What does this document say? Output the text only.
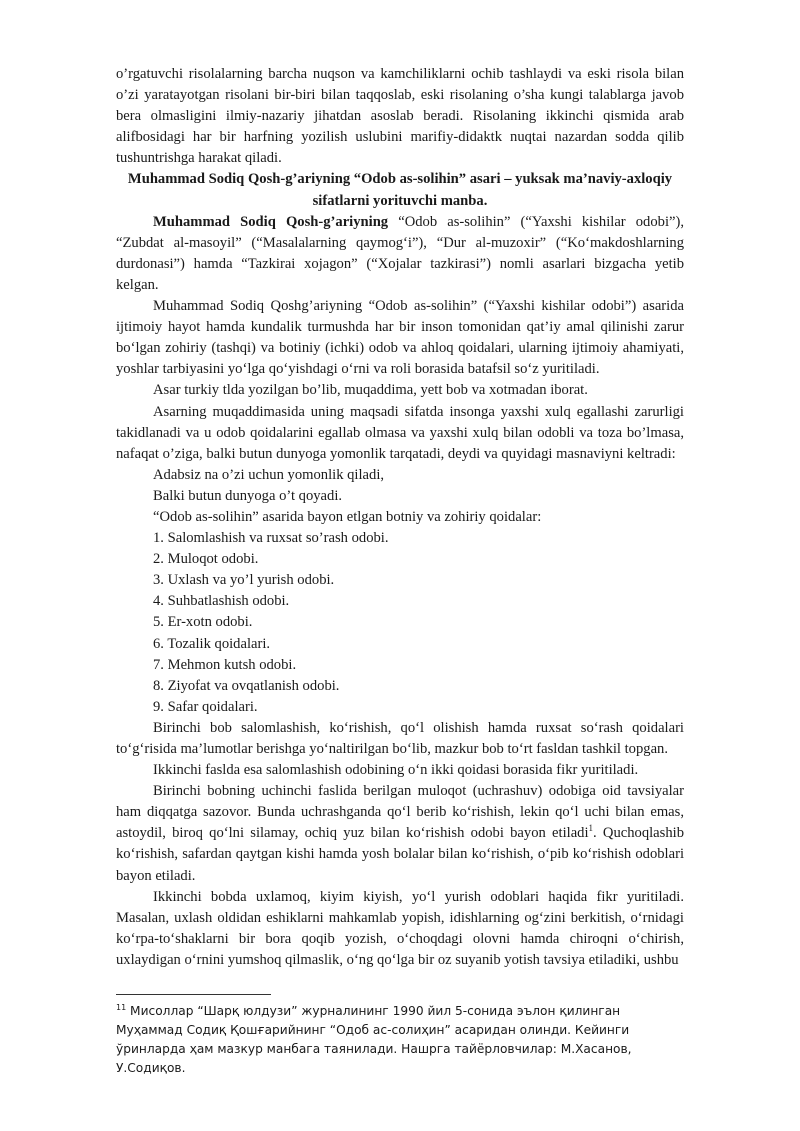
o’rgatuvchi risolalarning barcha nuqson va kamchiliklarni ochib tashlaydi va eski risola bilan o’zi yaratayotgan risolani bir-biri bilan taqqoslab, eski risolaning o’sha kungi talablarga javob bera olmasligini ilmiy-nazariy jihatdan asoslab beradi. Risolaning ikkinchi qismida arab alifbosidagi har bir harfning yozilish uslubini marifiy-didaktk nuqtai nazardan sodda qilib tushuntrishga harakat qiladi.

Muhammad Sodiq Qosh-g’ariyning “Odob as-solihin” asari – yuksak ma’naviy-axloqiy sifatlarni yorituvchi manba.

Muhammad Sodiq Qosh-g’ariyning “Odob as-solihin” (“Yaxshi kishilar odobi”), “Zubdat al-masoyil” (“Masalalarning qaymog‘i”), “Dur al-muzoxir” (“Ko‘makdoshlarning durdonasi”) hamda “Tazkirai xojagon” (“Xojalar tazkirasi”) nomli asarlari bizgacha yetib kelgan.

Muhammad Sodiq Qoshg’ariyning “Odob as-solihin” (“Yaxshi kishilar odobi”) asarida ijtimoiy hayot hamda kundalik turmushda har bir inson tomonidan qat’iy amal qilinishi zarur bo‘lgan zohiriy (tashqi) va botiniy (ichki) odob va ahloq qoidalari, ularning ijtimoiy ahamiyati, yoshlar tarbiyasini yo‘lga qo‘yishdagi o‘rni va roli borasida batafsil so‘z yuritiladi.

Asar turkiy tlda yozilgan bo’lib, muqaddima, yett bob va xotmadan iborat.

Asarning muqaddimasida uning maqsadi sifatda insonga yaxshi xulq egallashi zarurligi takidlanadi va u odob qoidalarini egallab olmasa va yaxshi xulq bilan odobli va toza bo’lmasa, nafaqat o’ziga, balki butun dunyoga yomonlik tarqatadi, deydi va quyidagi masnaviyni keltradi:

Adabsiz na o’zi uchun yomonlik qiladi,

Balki butun dunyoga o’t qoyadi.

“Odob as-solihin” asarida bayon etlgan botniy va zohiriy qoidalar:

1. Salomlashish va ruxsat so’rash odobi.

2. Muloqot odobi.

3. Uxlash va yo’l yurish odobi.

4. Suhbatlashish odobi.

5. Er-xotn odobi.

6. Tozalik qoidalari.

7. Mehmon kutsh odobi.

8. Ziyofat va ovqatlanish odobi.

9. Safar qoidalari.

Birinchi bob salomlashish, ko‘rishish, qo‘l olishish hamda ruxsat so‘rash qoidalari to‘g‘risida ma’lumotlar berishga yo‘naltirilgan bo‘lib, mazkur bob to‘rt fasldan tashkil topgan.

Ikkinchi faslda esa salomlashish odobining o‘n ikki qoidasi borasida fikr yuritiladi.

Birinchi bobning uchinchi faslida berilgan muloqot (uchrashuv) odobiga oid tavsiyalar ham diqqatga sazovor. Bunda uchrashganda qo‘l berib ko‘rishish, lekin qo‘l uchi bilan emas, astoydil, biroq qo‘lni silamay, ochiq yuz bilan ko‘rishish odobi bayon etiladi$^1$. Quchoqlashib ko‘rishish, safardan qaytgan kishi hamda yosh bolalar bilan ko‘rishish, o‘pib ko‘rishish odoblari bayon etiladi.

Ikkinchi bobda uxlamoq, kiyim kiyish, yo‘l yurish odoblari haqida fikr yuritiladi. Masalan, uxlash oldidan eshiklarni mahkamlab yopish, idishlarning og‘zini berkitish, o‘rnidagi ko‘rpa-to‘shaklarni bir bora qoqib yozish, o‘choqdagi olovni hamda chiroqni o‘chirish, uxlaydigan o‘rnini yumshoq qilmaslik, o‘ng qo‘lga bir oz suyanib yotish tavsiya etiladiki, ushbu

$^{11}$ Мисоллар “Шарқ юлдузи” журналининг 1990 йил 5-сонида эълон қилинган Муҳаммад Содиқ Қошғарийнинг “Одоб ас-солиҳин” асаридан олинди. Кейинги ўринларда ҳам мазкур манбага таянилади. Нашрга тайёрловчилар: М.Хасанов, У.Содиқов.
